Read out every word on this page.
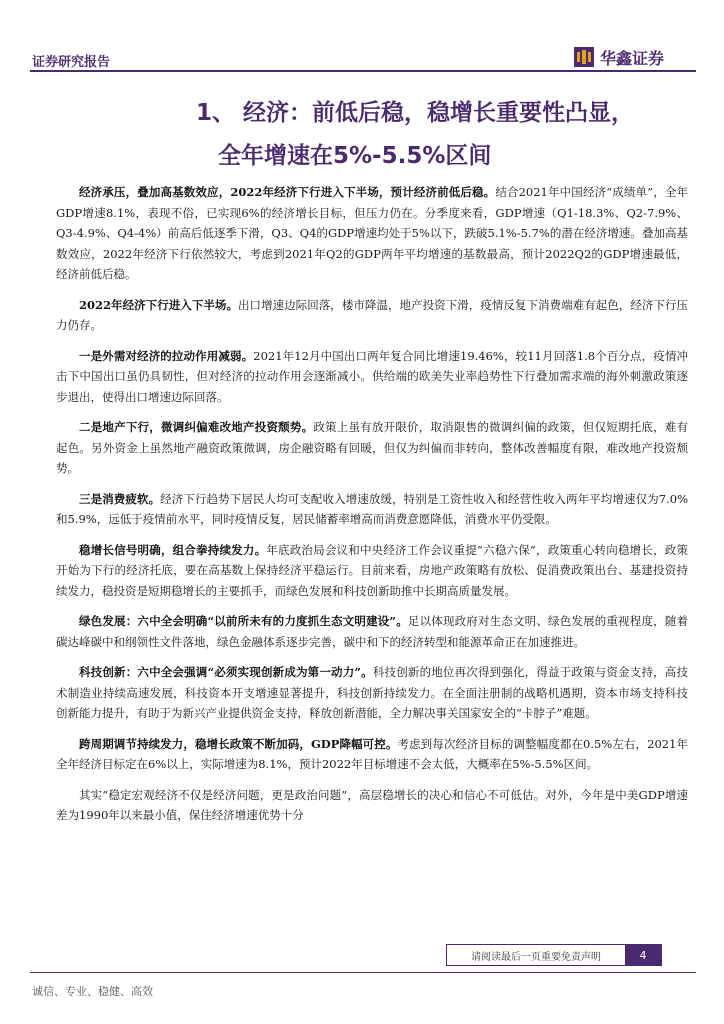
证券研究报告	华鑫证券
1、 经济：前低后稳，稳增长重要性凸显，
全年增速在5%-5.5%区间

经济承压，叠加高基数效应，2022年经济下行进入下半场，预计经济前低后稳。结合2021年中国经济“成绩单”，全年GDP增速8.1%，表现不俗，已实现6%的经济增长目标，但压力仍在。分季度来看，GDP增速（Q1-18.3%、Q2-7.9%、Q3-4.9%、Q4-4%）前高后低逐季下滑，Q3、Q4的GDP增速均处于5%以下，跌破5.1%-5.7%的潜在经济增速。叠加高基数效应，2022年经济下行依然较大，考虑到2021年Q2的GDP两年平均增速的基数最高，预计2022Q2的GDP增速最低，经济前低后稳。

2022年经济下行进入下半场。出口增速边际回落，楼市降温，地产投资下滑，疫情反复下消费端难有起色，经济下行压力仍存。

一是外需对经济的拉动作用减弱。2021年12月中国出口两年复合同比增速19.46%，较11月回落1.8个百分点，疫情冲击下中国出口虽仍具韧性，但对经济的拉动作用会逐渐减小。供给端的欧美失业率趋势性下行叠加需求端的海外刺激政策逐步退出，使得出口增速边际回落。

二是地产下行，微调纠偏难改地产投资颓势。政策上虽有放开限价，取消限售的微调纠偏的政策，但仅短期托底，难有起色。另外资金上虽然地产融资政策微调，房企融资略有回暖，但仅为纠偏而非转向，整体改善幅度有限，难改地产投资颓势。

三是消费疲软。经济下行趋势下居民人均可支配收入增速放缓，特别是工资性收入和经营性收入两年平均增速仅为7.0%和5.9%，远低于疫情前水平，同时疫情反复，居民储蓄率增高而消费意愿降低，消费水平仍受限。

稳增长信号明确，组合拳持续发力。年底政治局会议和中央经济工作会议重提“六稳六保”，政策重心转向稳增长，政策开始为下行的经济托底，要在高基数上保持经济平稳运行。目前来看，房地产政策略有放松、促消费政策出台、基建投资持续发力，稳投资是短期稳增长的主要抓手，而绿色发展和科技创新助推中长期高质量发展。

绿色发展：六中全会明确“以前所未有的力度抓生态文明建设”。足以体现政府对生态文明、绿色发展的重视程度，随着碳达峰碳中和纲领性文件落地，绿色金融体系逐步完善，碳中和下的经济转型和能源革命正在加速推进。

科技创新：六中全会强调“必须实现创新成为第一动力”。科技创新的地位再次得到强化，得益于政策与资金支持，高技术制造业持续高速发展，科技资本开支增速显著提升，科技创新持续发力。在全面注册制的战略机遇期，资本市场支持科技创新能力提升，有助于为新兴产业提供资金支持，释放创新潜能，全力解决事关国家安全的“卡脖子”难题。

跨周期调节持续发力，稳增长政策不断加码，GDP降幅可控。考虑到每次经济目标的调整幅度都在0.5%左右，2021年全年经济目标定在6%以上，实际增速为8.1%，预计2022年目标增速不会太低，大概率在5%-5.5%区间。

其实“稳定宏观经济不仅是经济问题，更是政治问题”，高层稳增长的决心和信心不可低估。对外，今年是中美GDP增速差为1990年以来最小值，保住经济增速优势十分

请阅读最后一页重要免责声明	4
诚信、专业、稳健、高效
